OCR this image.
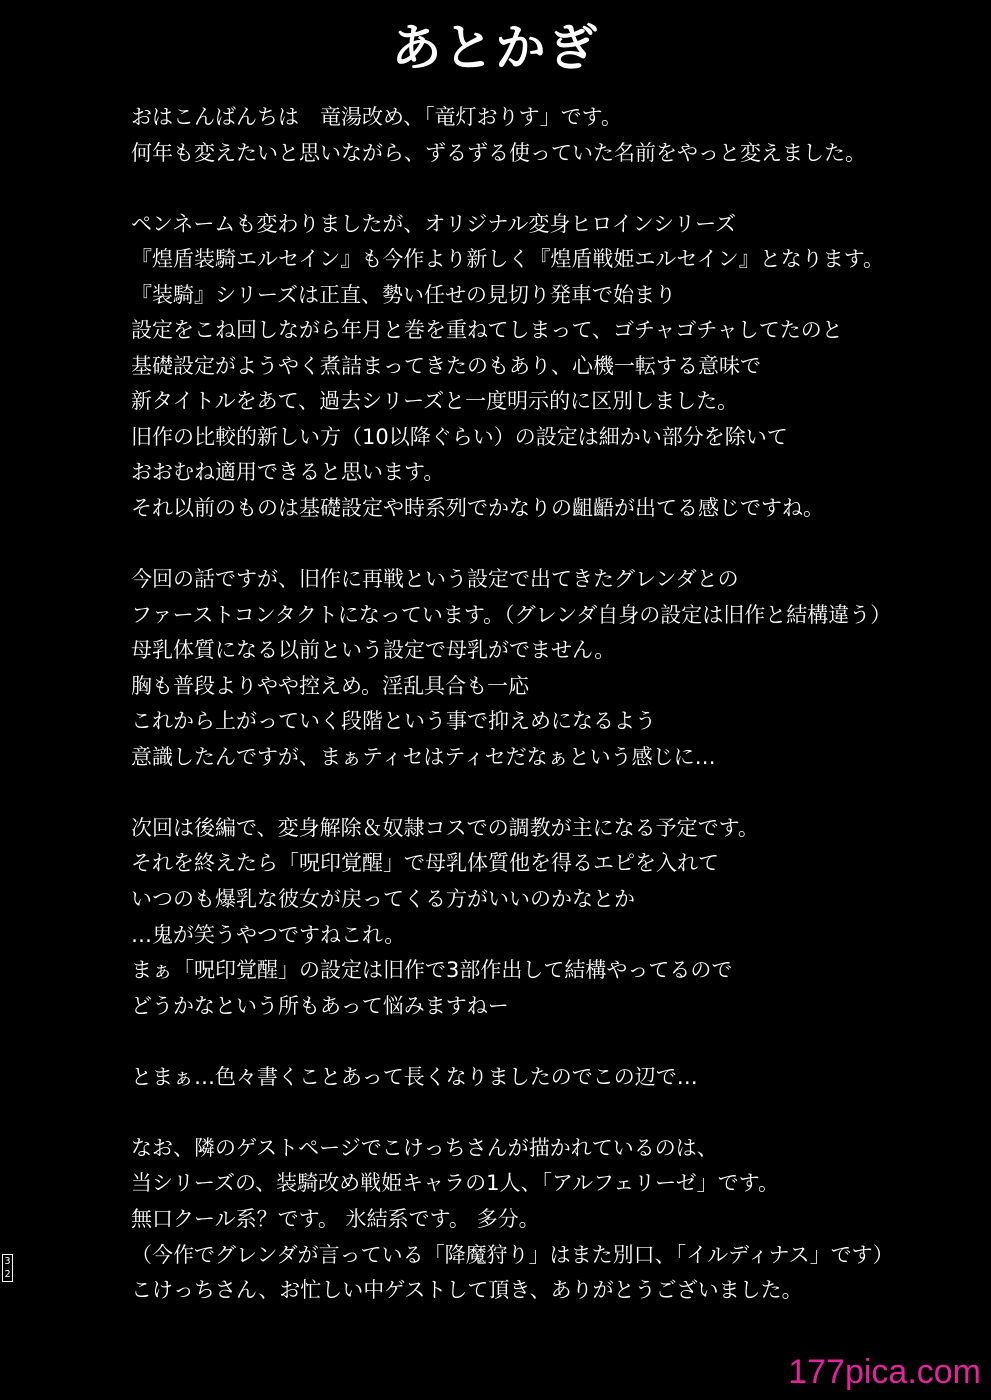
あとかぎ
おはこんばんちは　竜湯改め、「竜灯おりす」です。
何年も変えたいと思いながら、ずるずる使っていた名前をやっと変えました。
ペンネームも変わりましたが、オリジナル変身ヒロインシリーズ
『煌盾装騎エルセイン』も今作より新しく『煌盾戦姫エルセイン』となります。
『装騎』シリーズは正直、勢い任せの見切り発車で始まり
設定をこね回しながら年月と巻を重ねてしまって、ゴチャゴチャしてたのと
基礎設定がようやく煮詰まってきたのもあり、心機一転する意味で
新タイトルをあて、過去シリーズと一度明示的に区別しました。
旧作の比較的新しい方（10以降ぐらい）の設定は細かい部分を除いて
おおむね適用できると思います。
それ以前のものは基礎設定や時系列でかなりの齟齬が出てる感じですね。
今回の話ですが、旧作に再戦という設定で出てきたグレンダとの
ファーストコンタクトになっています。（グレンダ自身の設定は旧作と結構違う）
母乳体質になる以前という設定で母乳がでません。
胸も普段よりやや控えめ。淫乱具合も一応
これから上がっていく段階という事で抑えめになるよう
意識したんですが、まぁティセはティセだなぁという感じに…
次回は後編で、変身解除＆奴隷コスでの調教が主になる予定です。
それを終えたら「呪印覚醒」で母乳体質他を得るエピを入れて
いつのも爆乳な彼女が戻ってくる方がいいのかなとか
…鬼が笑うやつですねこれ。
まぁ「呪印覚醒」の設定は旧作で3部作出して結構やってるので
どうかなという所もあって悩みますねー
とまぁ…色々書くことあって長くなりましたのでこの辺で…
なお、隣のゲストページでこけっちさんが描かれているのは、
当シリーズの、装騎改め戦姫キャラの1人、「アルフェリーゼ」です。
無口クール系？です。 氷結系です。 多分。
（今作でグレンダが言っている「降魔狩り」はまた別口、「イルディナス」です）
こけっちさん、お忙しい中ゲストして頂き、ありがとうございました。
3
2
177pica.com
